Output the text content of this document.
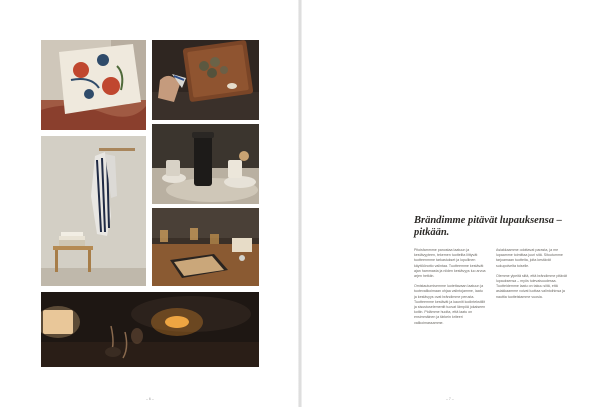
Brändimme pitävät lupauksensa – pitkään.

Pitoisfammme panostaa laatuun ja kestävyyteen, tekemen tuotteilta liittyvät tuotteenmme tarkastukset ja lopullinen käyttöönotto valintaa. Tuotteemme kestävät ajan hammasta ja niiden kestävyys luo arvoa arjen hetkiin.

Omistautumisemme luotettavaan laatuun ja tuotevalikoimaan ohjaa valintojamme, laatu ja kestävyys ovat brändimme perusta. Tuotteemme kestävät ja kauniit kodintekstiilit ja sisustuselementit tuovat lämpöä jokaiseen kotiin. Pidämme huolta, että laatu on ensimmäinen ja tärkein kriteeri valikoimassamme.

Asiakkaamme odottavat parasta, ja me lupaamme toimittaa juuri sitä. Sitoutumme tarjoamaan tuotteita, joita kestävät sukupolvelta toiselle.

Olemme ylpeitä siitä, että brändimme pitävät lupauksensa – myös tulevaisuudessa. Tuotteidemme laatu on takuu siitä, että asiakkaamme voivat luottaa valintoihinsa ja nauttia tuotteistamme vuosia.

– 6 –	– 7 –
